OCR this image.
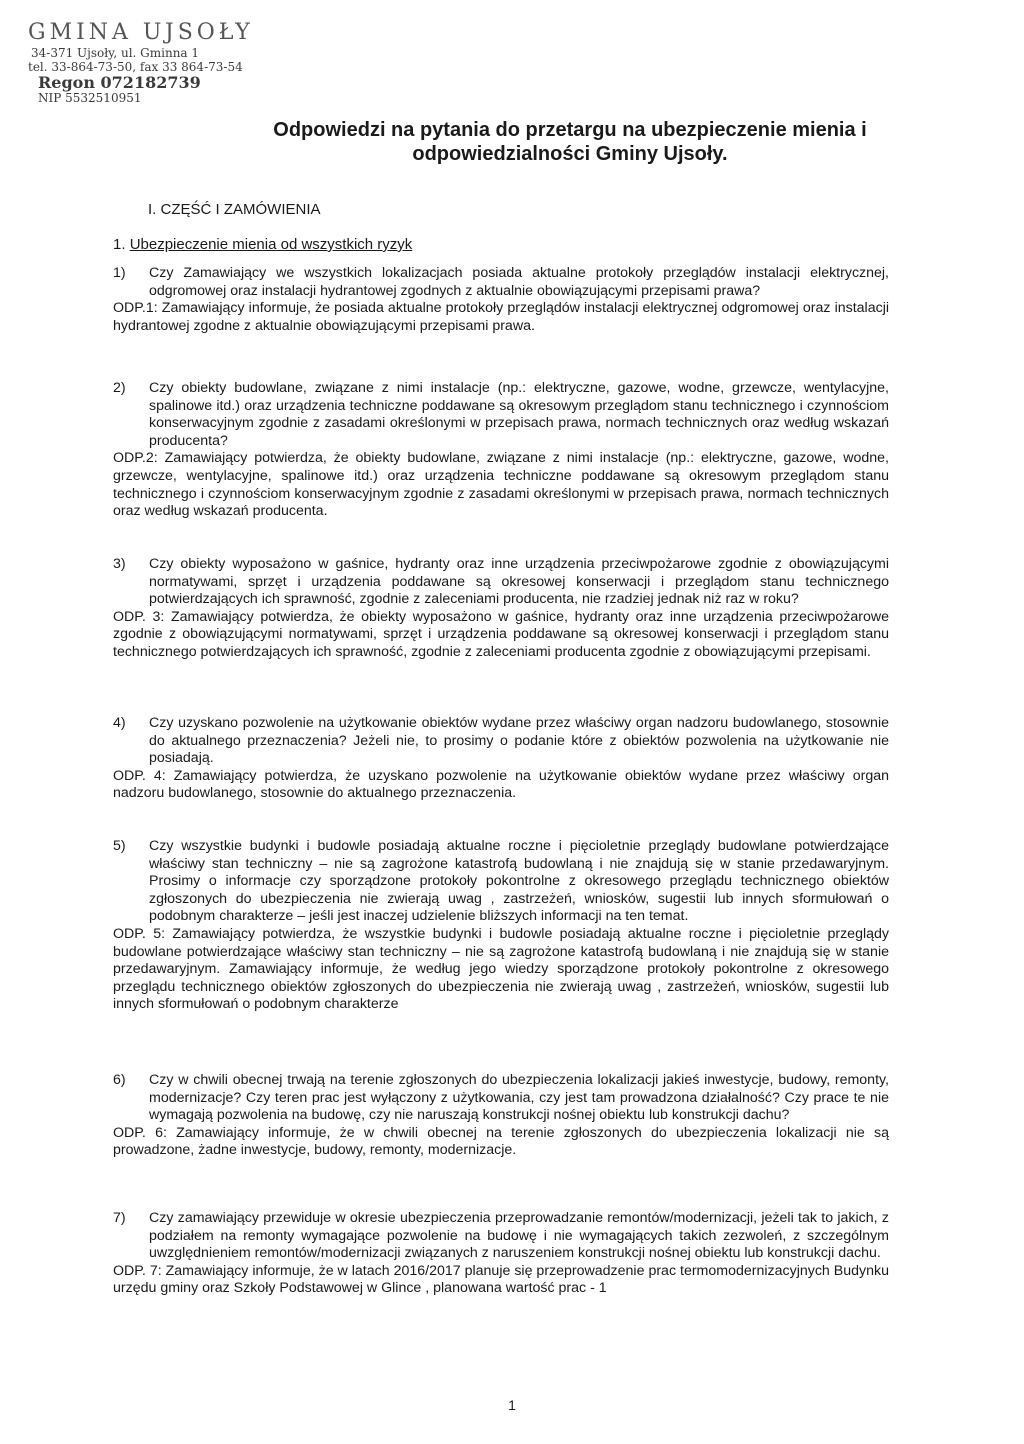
GMINA UJSOŁY
34-371 Ujsoły, ul. Gminna 1
tel. 33-864-73-50, fax 33 864-73-54
Regon 072182739
NIP 5532510951
Odpowiedzi na pytania do przetargu na ubezpieczenie mienia i odpowiedzialności Gminy Ujsoły.
I. CZĘŚĆ I ZAMÓWIENIA
1. Ubezpieczenie mienia od wszystkich ryzyk
1)	Czy Zamawiający we wszystkich lokalizacjach posiada aktualne protokoły przeglądów instalacji elektrycznej, odgromowej oraz instalacji hydrantowej zgodnych z aktualnie obowiązującymi przepisami prawa?
ODP.1: Zamawiający informuje, że posiada aktualne protokoły przeglądów instalacji elektrycznej odgromowej oraz instalacji hydrantowej zgodne z aktualnie obowiązującymi przepisami prawa.
2)	Czy obiekty budowlane, związane z nimi instalacje (np.: elektryczne, gazowe, wodne, grzewcze, wentylacyjne, spalinowe itd.) oraz urządzenia techniczne poddawane są okresowym przeglądom stanu technicznego i czynnościom konserwacyjnym zgodnie z zasadami określonymi w przepisach prawa, normach technicznych oraz według wskazań producenta?
ODP.2: Zamawiający potwierdza, że obiekty budowlane, związane z nimi instalacje (np.: elektryczne, gazowe, wodne, grzewcze, wentylacyjne, spalinowe itd.) oraz urządzenia techniczne poddawane są okresowym przeglądom stanu technicznego i czynnościom konserwacyjnym zgodnie z zasadami określonymi w przepisach prawa, normach technicznych oraz według wskazań producenta.
3)	Czy obiekty wyposażono w gaśnice, hydranty oraz inne urządzenia przeciwpożarowe zgodnie z obowiązującymi normatywami, sprzęt i urządzenia poddawane są okresowej konserwacji i przeglądom stanu technicznego potwierdzających ich sprawność, zgodnie z zaleceniami producenta, nie rzadziej jednak niż raz w roku?
ODP. 3: Zamawiający potwierdza, że obiekty wyposażono w gaśnice, hydranty oraz inne urządzenia przeciwpożarowe zgodnie z obowiązującymi normatywami, sprzęt i urządzenia poddawane są okresowej konserwacji i przeglądom stanu technicznego potwierdzających ich sprawność, zgodnie z zaleceniami producenta zgodnie z obowiązującymi przepisami.
4)	Czy uzyskano pozwolenie na użytkowanie obiektów wydane przez właściwy organ nadzoru budowlanego, stosownie do aktualnego przeznaczenia? Jeżeli nie, to prosimy o podanie które z obiektów pozwolenia na użytkowanie nie posiadają.
ODP. 4: Zamawiający potwierdza, że uzyskano pozwolenie na użytkowanie obiektów wydane przez właściwy organ nadzoru budowlanego, stosownie do aktualnego przeznaczenia.
5)	Czy wszystkie budynki i budowle posiadają aktualne roczne i pięcioletnie przeglądy budowlane potwierdzające właściwy stan techniczny – nie są zagrożone katastrofą budowlaną i nie znajdują się w stanie przedawaryjnym. Prosimy o informacje czy sporządzone protokoły pokontrolne z okresowego przeglądu technicznego obiektów zgłoszonych do ubezpieczenia nie zwierają uwag , zastrzeżeń, wniosków, sugestii lub innych sformułowań o podobnym charakterze – jeśli jest inaczej udzielenie bliższych informacji na ten temat.
ODP. 5: Zamawiający potwierdza, że wszystkie budynki i budowle posiadają aktualne roczne i pięcioletnie przeglądy budowlane potwierdzające właściwy stan techniczny – nie są zagrożone katastrofą budowlaną i nie znajdują się w stanie przedawaryjnym. Zamawiający informuje, że według jego wiedzy sporządzone protokoły pokontrolne z okresowego przeglądu technicznego obiektów zgłoszonych do ubezpieczenia nie zwierają uwag , zastrzeżeń, wniosków, sugestii lub innych sformułowań o podobnym charakterze
6)	Czy w chwili obecnej trwają na terenie zgłoszonych do ubezpieczenia lokalizacji jakieś inwestycje, budowy, remonty, modernizacje? Czy teren prac jest wyłączony z użytkowania, czy jest tam prowadzona działalność? Czy prace te nie wymagają pozwolenia na budowę, czy nie naruszają konstrukcji nośnej obiektu lub konstrukcji dachu?
ODP. 6: Zamawiający informuje, że w chwili obecnej na terenie zgłoszonych do ubezpieczenia lokalizacji nie są prowadzone, żadne inwestycje, budowy, remonty, modernizacje.
7)	Czy zamawiający przewiduje w okresie ubezpieczenia przeprowadzanie remontów/modernizacji, jeżeli tak to jakich, z podziałem na remonty wymagające pozwolenie na budowę i nie wymagających takich zezwoleń, z szczególnym uwzględnieniem remontów/modernizacji związanych z naruszeniem konstrukcji nośnej obiektu lub konstrukcji dachu.
ODP. 7: Zamawiający informuje, że w latach 2016/2017 planuje się przeprowadzenie prac termomodernizacyjnych Budynku urzędu gminy oraz Szkoły Podstawowej w Glince , planowana wartość prac - 1
1
